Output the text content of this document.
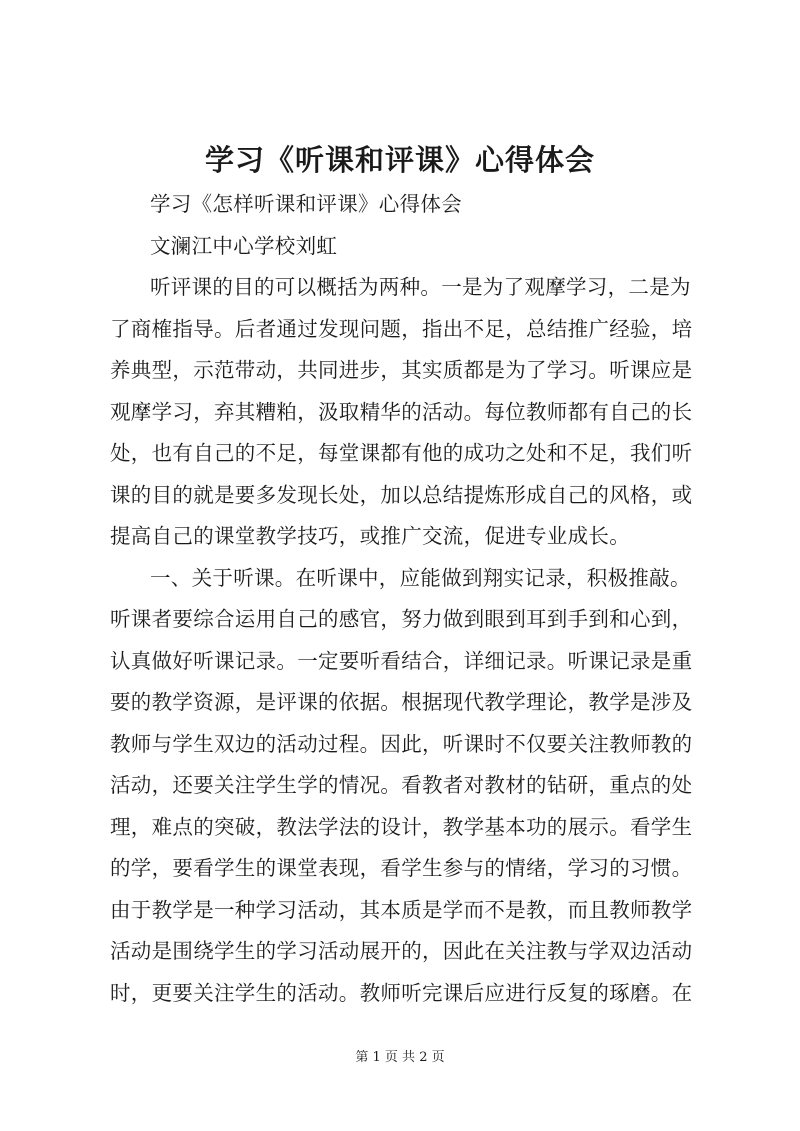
学习《听课和评课》心得体会
学习《怎样听课和评课》心得体会
文澜江中心学校刘虹
听评课的目的可以概括为两种。一是为了观摩学习，二是为
了商榷指导。后者通过发现问题，指出不足，总结推广经验，培
养典型，示范带动，共同进步，其实质都是为了学习。听课应是
观摩学习，弃其糟粕，汲取精华的活动。每位教师都有自己的长
处，也有自己的不足，每堂课都有他的成功之处和不足，我们听
课的目的就是要多发现长处，加以总结提炼形成自己的风格，或
提高自己的课堂教学技巧，或推广交流，促进专业成长。
一、关于听课。在听课中，应能做到翔实记录，积极推敲。
听课者要综合运用自己的感官，努力做到眼到耳到手到和心到，
认真做好听课记录。一定要听看结合，详细记录。听课记录是重
要的教学资源，是评课的依据。根据现代教学理论，教学是涉及
教师与学生双边的活动过程。因此，听课时不仅要关注教师教的
活动，还要关注学生学的情况。看教者对教材的钻研，重点的处
理，难点的突破，教法学法的设计，教学基本功的展示。看学生
的学，要看学生的课堂表现，看学生参与的情绪，学习的习惯。
由于教学是一种学习活动，其本质是学而不是教，而且教师教学
活动是围绕学生的学习活动展开的，因此在关注教与学双边活动
时，更要关注学生的活动。教师听完课后应进行反复的琢磨。在
第 1 页 共 2 页
